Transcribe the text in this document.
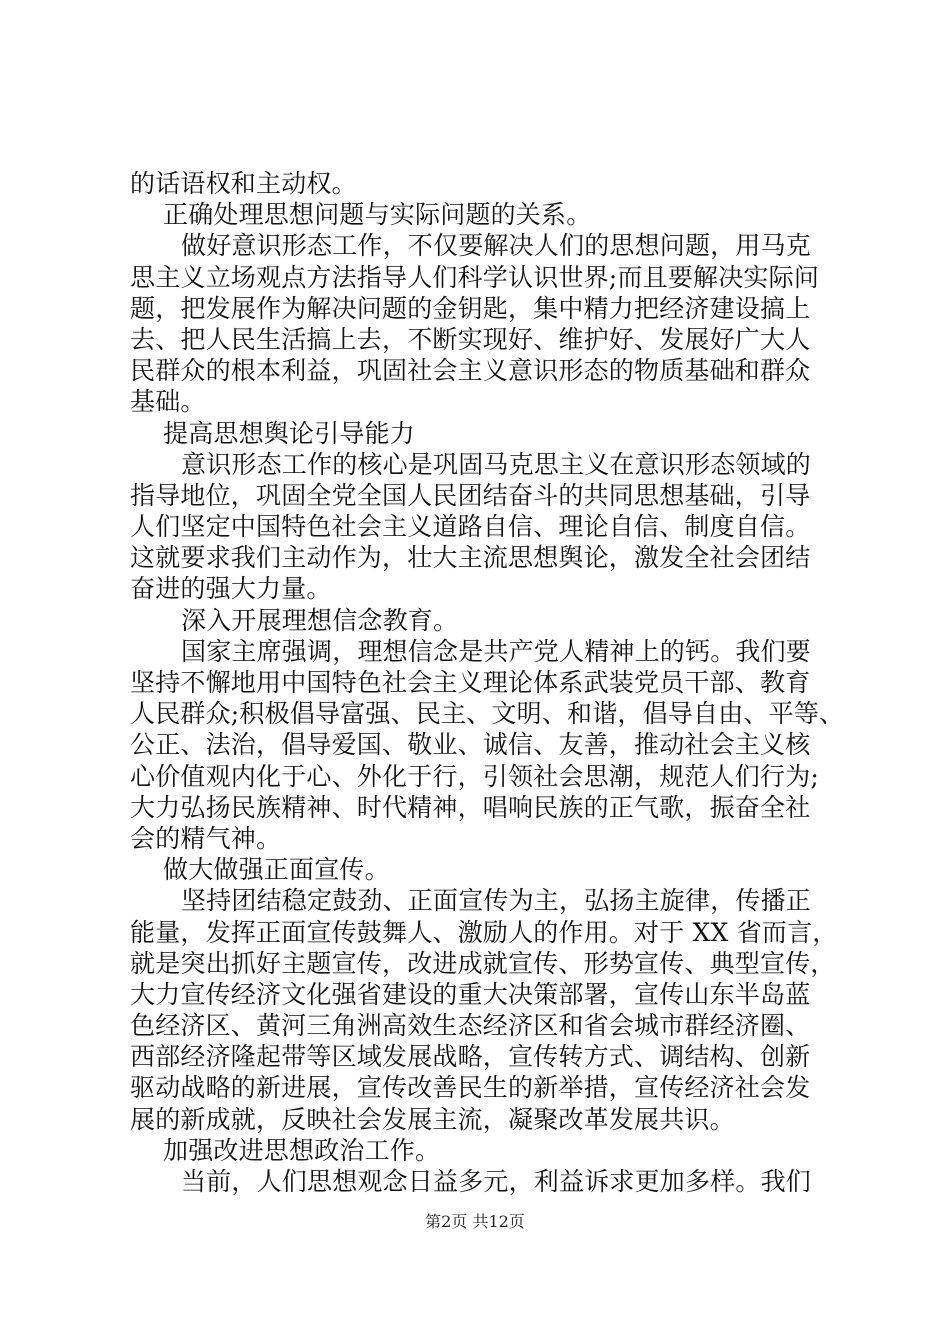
的话语权和主动权。
正确处理思想问题与实际问题的关系。
做好意识形态工作，不仅要解决人们的思想问题，用马克
思主义立场观点方法指导人们科学认识世界;而且要解决实际问
题，把发展作为解决问题的金钥匙，集中精力把经济建设搞上
去、把人民生活搞上去，不断实现好、维护好、发展好广大人
民群众的根本利益，巩固社会主义意识形态的物质基础和群众
基础。
提高思想舆论引导能力
意识形态工作的核心是巩固马克思主义在意识形态领域的
指导地位，巩固全党全国人民团结奋斗的共同思想基础，引导
人们坚定中国特色社会主义道路自信、理论自信、制度自信。
这就要求我们主动作为，壮大主流思想舆论，激发全社会团结
奋进的强大力量。
深入开展理想信念教育。
国家主席强调，理想信念是共产党人精神上的钙。我们要
坚持不懈地用中国特色社会主义理论体系武装党员干部、教育
人民群众;积极倡导富强、民主、文明、和谐，倡导自由、平等、
公正、法治，倡导爱国、敬业、诚信、友善，推动社会主义核
心价值观内化于心、外化于行，引领社会思潮，规范人们行为;
大力弘扬民族精神、时代精神，唱响民族的正气歌，振奋全社
会的精气神。
做大做强正面宣传。
坚持团结稳定鼓劲、正面宣传为主，弘扬主旋律，传播正
能量，发挥正面宣传鼓舞人、激励人的作用。对于 XX 省而言，
就是突出抓好主题宣传，改进成就宣传、形势宣传、典型宣传，
大力宣传经济文化强省建设的重大决策部署，宣传山东半岛蓝
色经济区、黄河三角洲高效生态经济区和省会城市群经济圈、
西部经济隆起带等区域发展战略，宣传转方式、调结构、创新
驱动战略的新进展，宣传改善民生的新举措，宣传经济社会发
展的新成就，反映社会发展主流，凝聚改革发展共识。
加强改进思想政治工作。
当前，人们思想观念日益多元，利益诉求更加多样。我们
第2页 共12页
